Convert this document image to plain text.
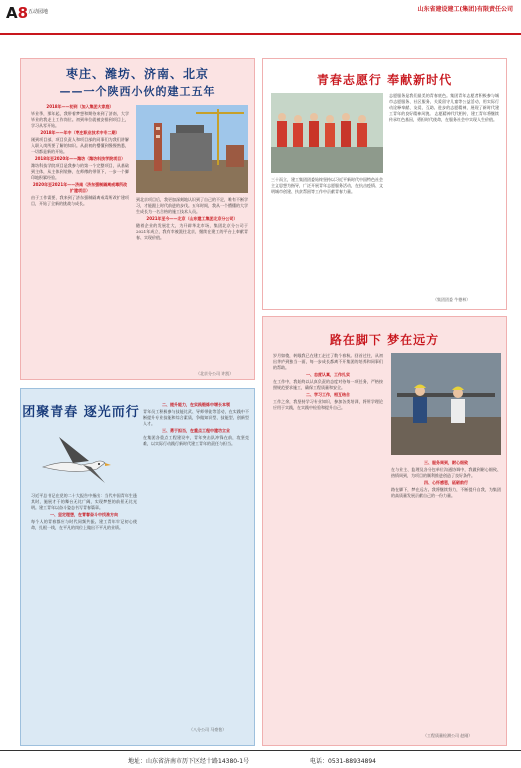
A8 五动园地	山东省建设建工(集团)有限责任公司
枣庄、潍坊、济南、北京
——一个陕西小伙的建工五年
2018年——初到（加入集团大家庭）
毕业季，那年起，我带着梦想和期待来到了济南，大学毕业的我走上工作岗位。初到单位就被安排到项目上，学习从零开始。
2018年——年中（枣庄职业技术中专二期）
刚到项目部，项目负责人和项目部的同事们为我们讲解入职入岗所要了解的知识。从最初的懵懂到慢慢熟悉，一切都是新的开始。
2018年至2020年——潍坊（潍坊科技学院项目）
潍坊科技学院项目是我参与的第一个完整项目，从基础到主体，从主体到装修，在师傅的带领下，一步一个脚印地积累经验。
2020年至2021年——济南（济东强制隔离戒毒所改扩建项目）
由于工作需要，我来到了济东强制隔离戒毒所改扩建项目，开始了全新的挑战与成长。
到北京项目后，我更加深刻地认识到了自己的不足，唯有不断学习，才能跟上时代前进的步伐。五年时间，我从一个懵懂的大学生成长为一名合格的施工技术人员。
2021年至今——北京（山东建工集团北京分公司）
随着企业的发展壮大，为开辟华北市场，集团北京分公司于2021年成立，我有幸被派往北京，继续在建工的平台上奉献青春、实现价值。
（北京分公司 许凯）
青春志愿行 奉献新时代
三十而立，建工集团团委始终坚持以习近平新时代中国特色社会主义思想为指导，广泛开展青年志愿服务活动，在抗击疫情、文明城市创建、扶贫帮困等工作中贡献青春力量。
志愿服务是我们最美的青春底色。集团青年志愿者积极参与城市志愿服务、社区服务、关爱留守儿童等公益活动，用实际行动诠释奉献、友爱、互助、进步的志愿精神，展现了新时代建工青年的良好精神风貌。 志愿精神代代相传，建工青年将继续传承红色基因，勇担时代使命，在服务社会中实现人生价值。
（集团团委 牛德林）
团聚青春 逐光而行
习近平总书记在党的二十大报告中指出：当代中国青年生逢其时，施展才干的舞台无比广阔，实现梦想的前景无比光明。建工青年以奋斗姿态书写青春篇章。
一、坚定理想，在青春奋斗中找准方向
每个人的青春都应与时代同频共振。建工青年牢记初心使命，扎根一线，在平凡的岗位上做出不平凡的业绩。
二、提升能力，在实践锻炼中增长本领
青年员工积极参与技能比武、导师带徒等活动，在实践中不断提升专业技能和综合素质，争做知识型、技能型、创新型人才。
三、勇于担当，在重点工程中建功立业
在集团各重点工程建设中，青年突击队冲锋在前，攻坚克难，以实际行动践行新时代建工青年的责任与担当。
（八分公司 马豪怡）
路在脚下 梦在远方
岁月如梭，转眼我已在建工走过了数个春秋。回首过往，从初出茅庐到独当一面，每一步成长都离不开集团的培养和同事们的帮助。
一、态度认真，工作扎实
在工作中，我始终以认真负责的态度对待每一项任务，严格按照规范要求施工，确保工程质量和安全。
二、学习工作，相互结合
工作之余，我坚持学习专业知识，参加各类培训，将所学理论应用于实践，在实践中检验和提升自己。
三、服务周到，耐心细致
在与业主、监理及各分包单位沟通协调中，我做到耐心细致、热情周到，为项目的顺利推进创造了良好条件。
四、心怀感恩，砥砺前行
路在脚下，梦在远方。我将继续努力，不断提升自我，为集团的高质量发展贡献自己的一份力量。
（工程质量检测公司 赵刚）
地址：山东省济南市历下区经十路14380-1号	电话：0531-88934894
